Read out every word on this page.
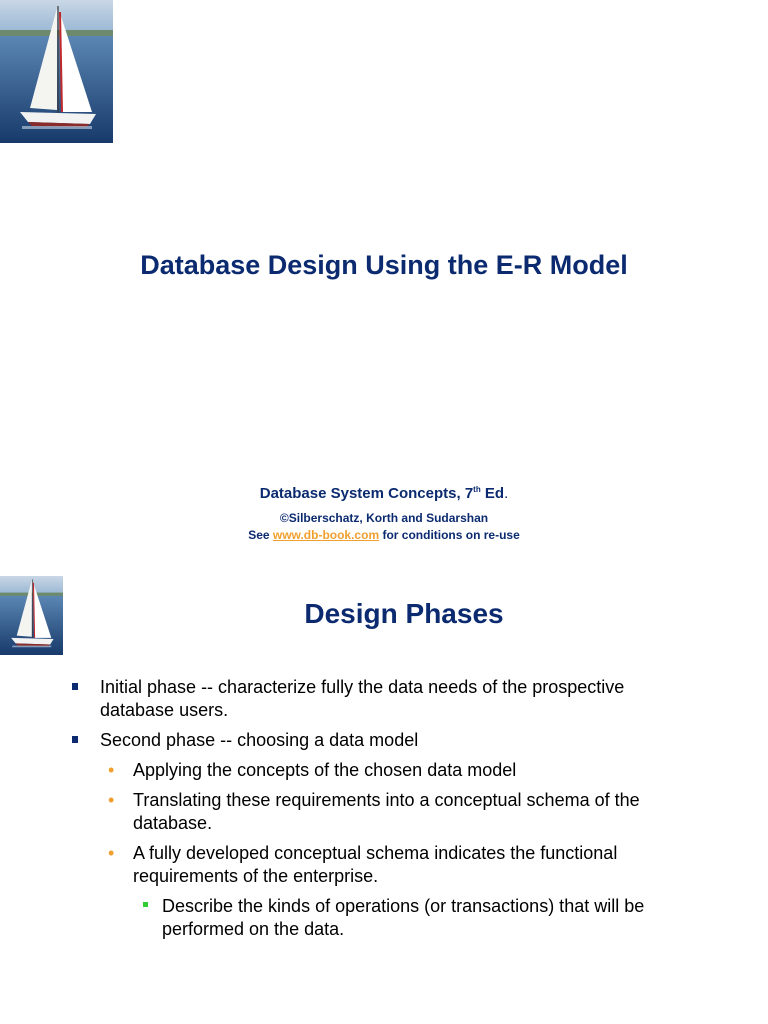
Database Design Using the E-R Model
Database System Concepts, 7th Ed.
©Silberschatz, Korth and Sudarshan
See www.db-book.com for conditions on re-use
Design Phases
Initial phase -- characterize fully the data needs of the prospective database users.
Second phase -- choosing a data model
• Applying the concepts of the chosen data model
• Translating these requirements into a conceptual schema of the database.
• A fully developed conceptual schema indicates the functional requirements of the enterprise.
Describe the kinds of operations (or transactions) that will be performed on the data.
